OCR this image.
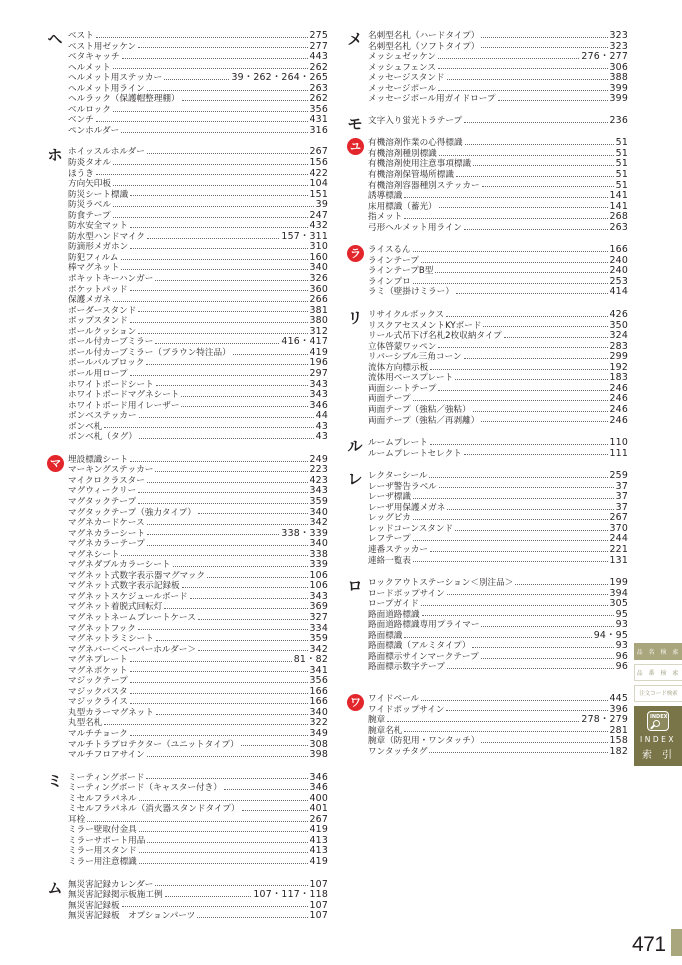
ヘ ベスト	275
ベスト用ゼッケン	277
ベタキャッチ	443
ヘルメット	262
ヘルメット用ステッカー	39・262・264・265
ヘルメット用ライン	263
ヘルラック（保護帽整理棚）	262
ベルロック	356
ベンチ	431
ペンホルダー	316
ホ ホイッスルホルダー	267
防炎タオル	156
ほうき	422
方向矢印板	104
防災シート標識	151
防災ラベル	39
防食テープ	247
防水安全マット	432
防水型ハンドマイク	157・311
防滴形メガホン	310
防犯フィルム	160
棒マグネット	340
ポキットキーハンガー	326
ポケットパッド	360
保護メガネ	266
ボーダースタンド	381
ポップスタンド	380
ポールクッション	312
ポール付カーブミラー	416・417
ポール付カーブミラー（ブラウン特注品）	419
ポールバルブロック	196
ポール用ロープ	297
ホワイトボードシート	343
ホワイトボードマグネシート	343
ホワイトボード用イレーザー	346
ボンベステッカー	44
ボンベ札	43
ボンベ札（タグ）	43
マ 埋設標識シート	249
マーキングステッカー	223
マイクロクラスター	423
マグウィークリー	343
マグタックテープ	359
マグタックテープ（強力タイプ）	340
マグネカードケース	342
マグネカラーシート	338・339
マグネカラーテープ	340
マグネシート	338
マグネダブルカラーシート	339
マグネット式数字表示器マグマック	106
マグネット式数字表示記録板	106
マグネットスケジュールボード	343
マグネット着脱式回転灯	369
マグネットネームプレートケース	327
マグネットフック	334
マグネットラミシート	359
マグネバー＜ペーパーホルダー＞	342
マグネプレート	81・82
マグネポケット	341
マジックテープ	356
マジックパスタ	166
マジックライス	166
丸型カラーマグネット	340
丸型名札	322
マルチチョーク	349
マルチトラプロテクター（ユニットタイプ）	308
マルチフロアサイン	398
ミ ミーティングボード	346
ミーティングボード（キャスター付き）	346
ミセルフラパネル	400
ミセルフラパネル（消火器スタンドタイプ）	401
耳栓	267
ミラー壁取付金具	419
ミラーサポート用品	413
ミラー用スタンド	413
ミラー用注意標識	419
ム 無災害記録カレンダー	107
無災害記録掲示板施工例	107・117・118
無災害記録板	107
無災害記録板　オプションパーツ	107
メ 名刺型名札（ハードタイプ）	323
名刺型名札（ソフトタイプ）	323
メッシュゼッケン	276・277
メッシュフェンス	306
メッセージスタンド	388
メッセージポール	399
メッセージポール用ガイドロープ	399
モ 文字入り蛍光トラテープ	236
ユ 有機溶剤作業の心得標識	51
有機溶剤種別標識	51
有機溶剤使用注意事項標識	51
有機溶剤保管場所標識	51
有機溶剤容器種別ステッカー	51
誘導標識	141
床用標識（蓄光）	141
指メット	268
弓形ヘルメット用ライン	263
ラ ライスるん	166
ラインテープ	240
ラインテープB型	240
ラインプロ	253
ラミ（壁掛けミラー）	414
リ リサイクルボックス	426
リスクアセスメントKYボード	350
リール式吊下げ名札2枚収納タイプ	324
立体啓蒙ワッペン	283
リバーシブル三角コーン	299
流体方向標示板	192
流体用ベースプレート	183
両面シートテープ	246
両面テープ	246
両面テープ（強粘／強粘）	246
両面テープ（強粘／再剥離）	246
ル ルームプレート	110
ルームプレートセレクト	111
レ レクターシール	259
レーザ警告ラベル	37
レーザ標識	37
レーザ用保護メガネ	37
レッグピカ	267
レッドコーンスタンド	370
レフテープ	244
連番ステッカー	221
連絡一覧表	131
ロ ロックアウトステーション＜別注品＞	199
ロードポップサイン	394
ロープガイド	305
路面道路標識	95
路面道路標識専用プライマー	93
路面標識	94・95
路面標識（アルミタイプ）	93
路面標示サインマークテープ	96
路面標示数字テープ	96
ワ ワイドベール	445
ワイドポップサイン	396
腕章	278・279
腕章名札	281
腕章（防犯用・ワンタッチ）	158
ワンタッチタグ	182
品 名 検 索
品 番 検 索
注文コード検索
INDEX
INDEX
索引
471
